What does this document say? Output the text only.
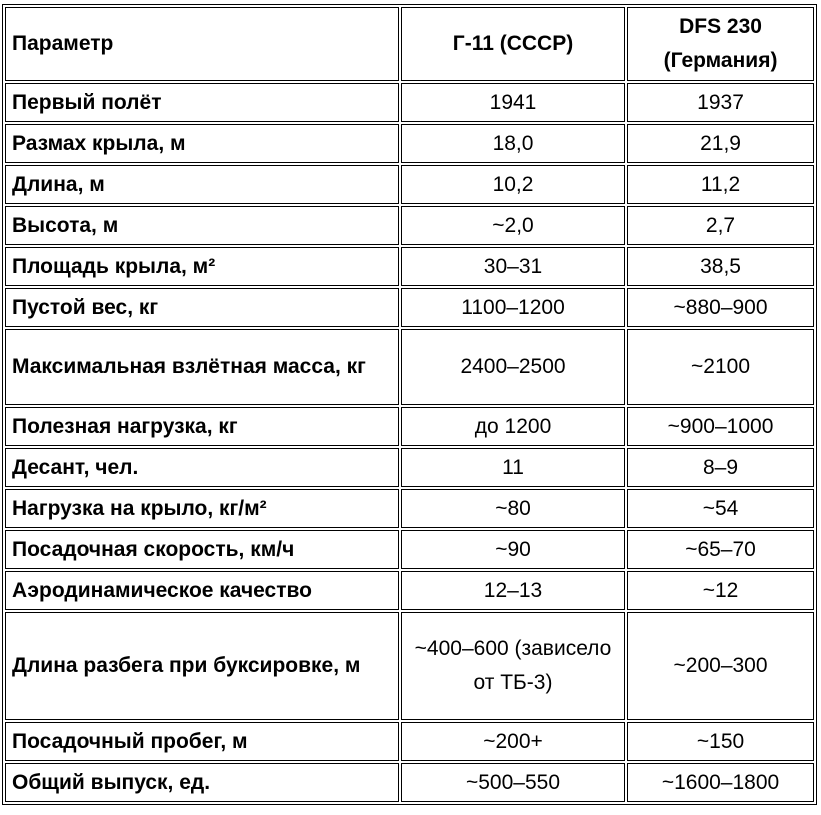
Параметр	Г-11 (СССР)	DFS 230 (Германия)
Первый полёт	1941	1937
Размах крыла, м	18,0	21,9
Длина, м	10,2	11,2
Высота, м	~2,0	2,7
Площадь крыла, м²	30–31	38,5
Пустой вес, кг	1100–1200	~880–900
Максимальная взлётная масса, кг	2400–2500	~2100
Полезная нагрузка, кг	до 1200	~900–1000
Десант, чел.	11	8–9
Нагрузка на крыло, кг/м²	~80	~54
Посадочная скорость, км/ч	~90	~65–70
Аэродинамическое качество	12–13	~12
Длина разбега при буксировке, м	~400–600 (зависело от ТБ-3)	~200–300
Посадочный пробег, м	~200+	~150
Общий выпуск, ед.	~500–550	~1600–1800
